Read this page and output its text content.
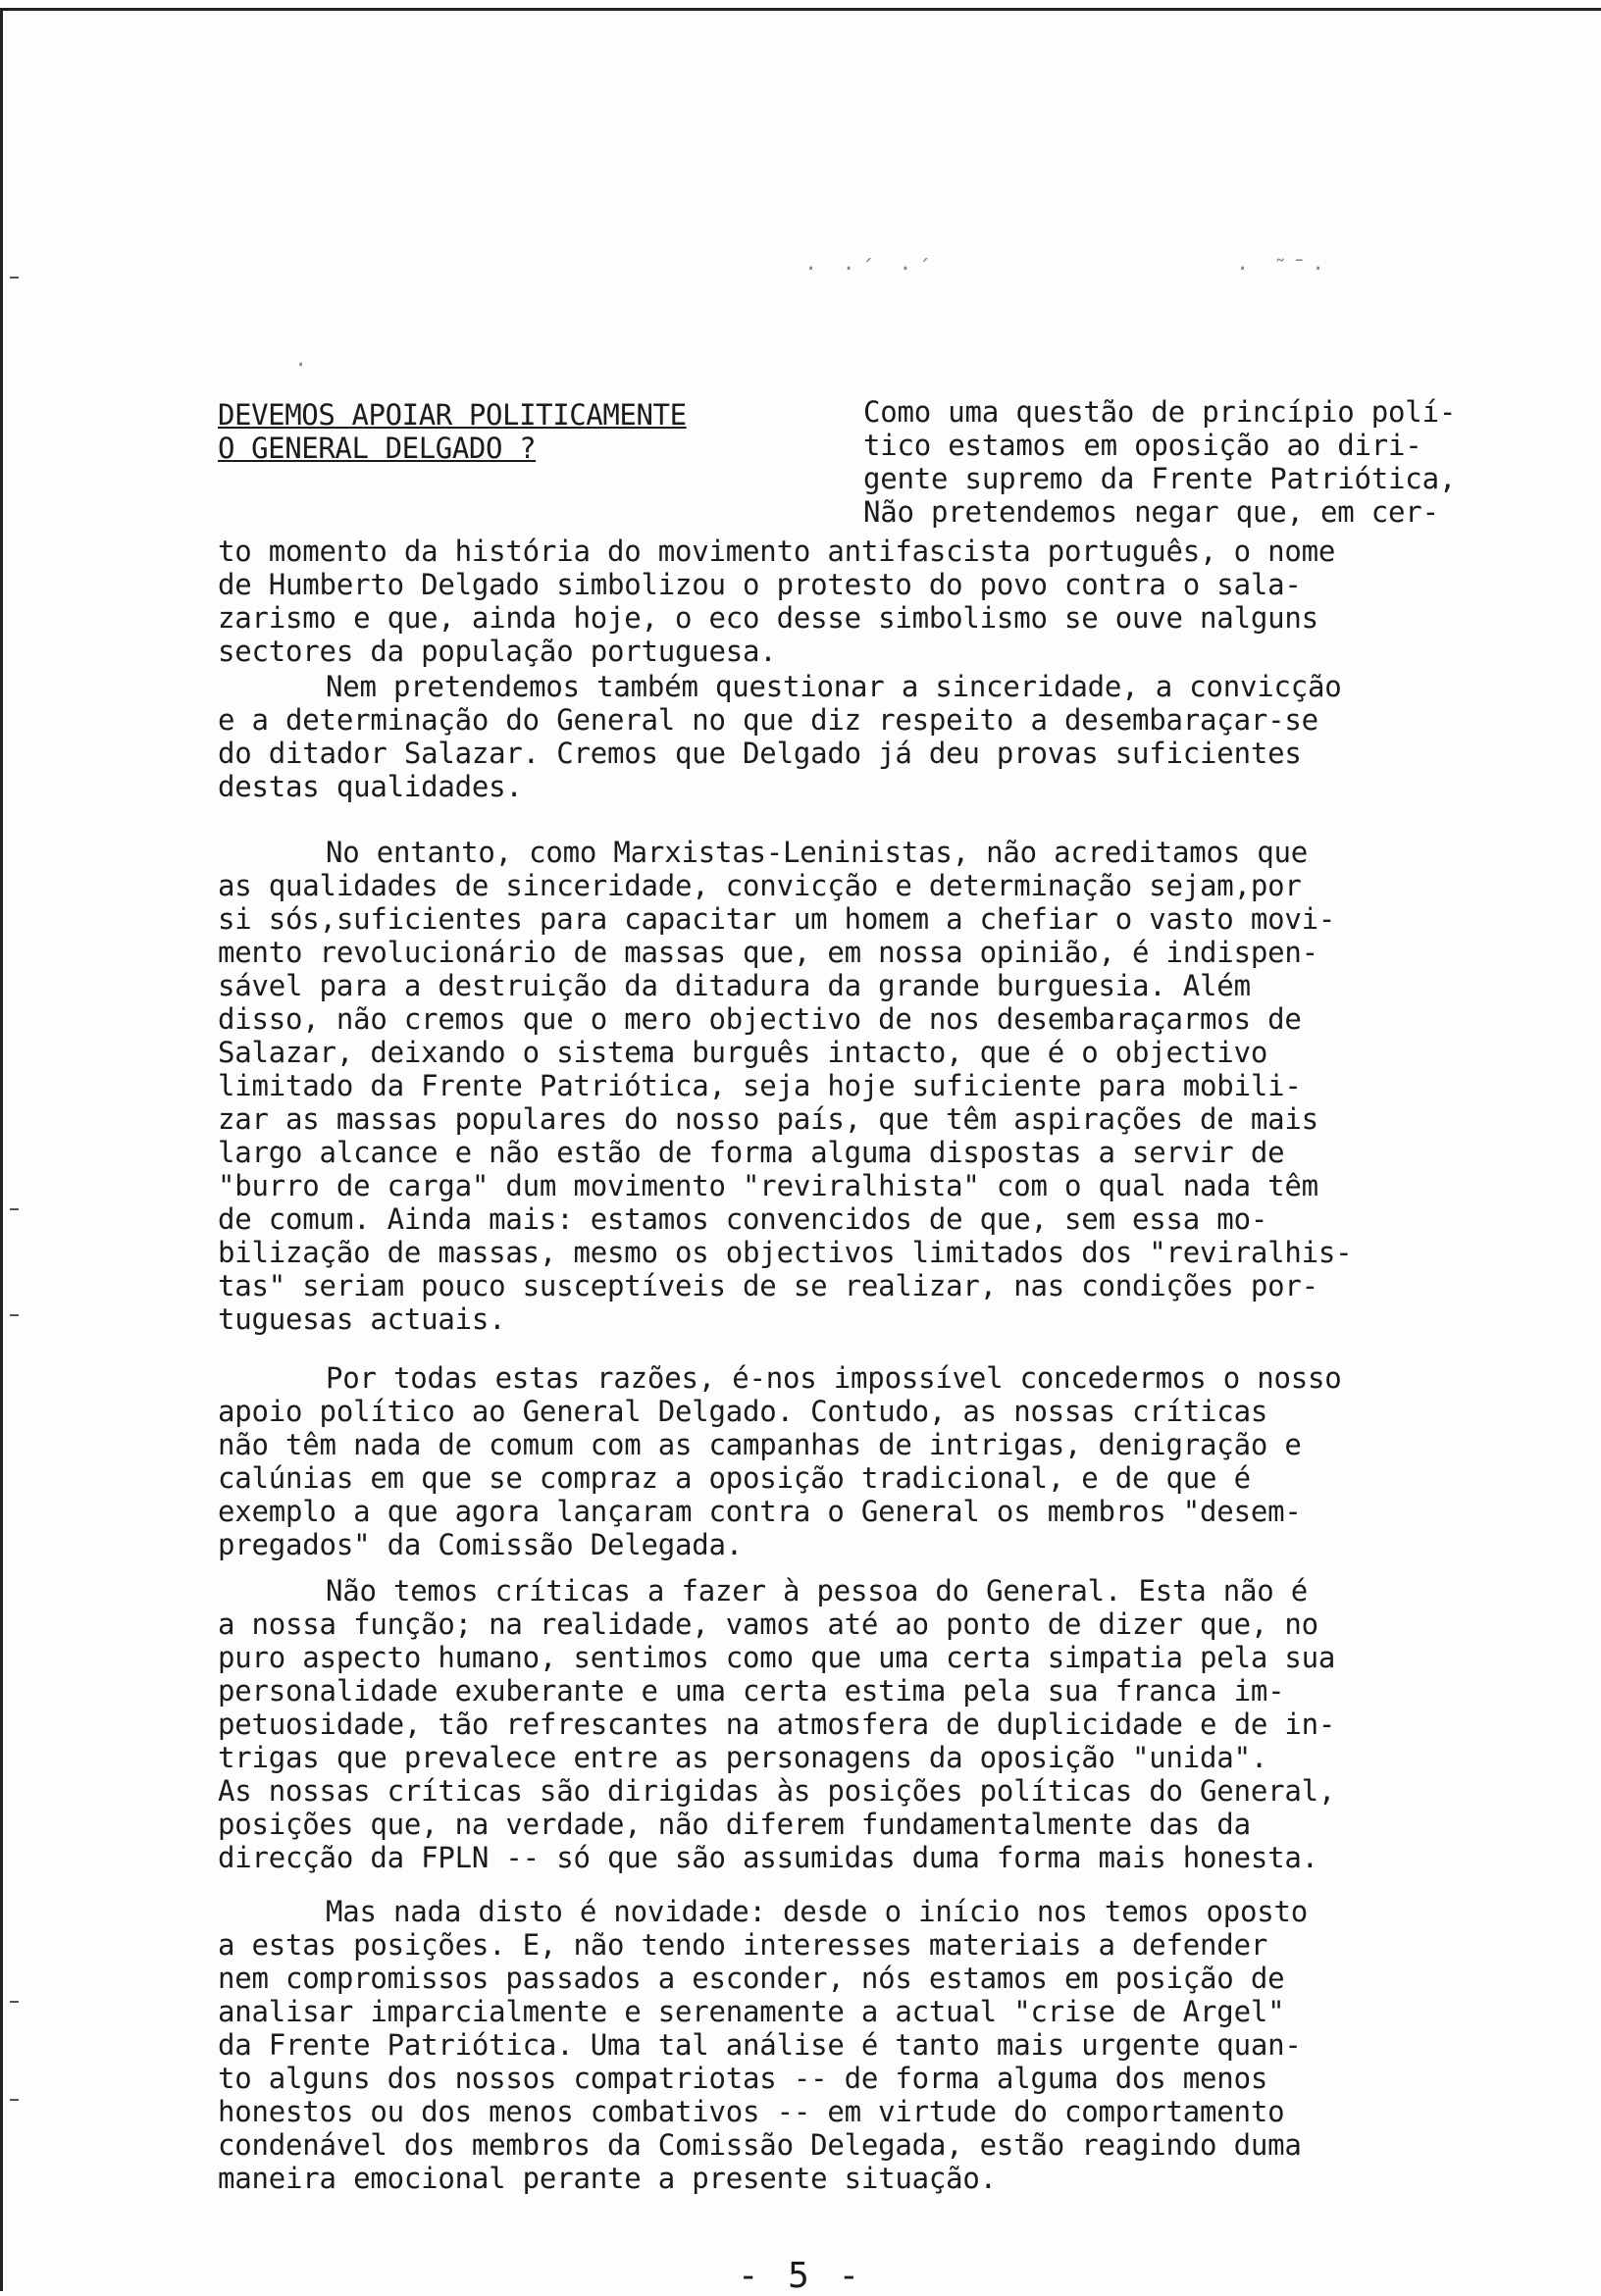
· ·´ ·´	· ˜ˉ·
·
DEVEMOS APOIAR POLITICAMENTE
O GENERAL DELGADO ?
Como uma questão de princípio polí-
tico estamos em oposição ao diri-
gente supremo da Frente Patriótica,
Não pretendemos negar que, em cer-
to momento da história do movimento antifascista português, o nome
de Humberto Delgado simbolizou o protesto do povo contra o sala-
zarismo e que, ainda hoje, o eco desse simbolismo se ouve nalguns
sectores da população portuguesa.
Nem pretendemos também questionar a sinceridade, a convicção
e a determinação do General no que diz respeito a desembaraçar-se
do ditador Salazar. Cremos que Delgado já deu provas suficientes
destas qualidades.
No entanto, como Marxistas-Leninistas, não acreditamos que
as qualidades de sinceridade, convicção e determinação sejam,por
si sós,suficientes para capacitar um homem a chefiar o vasto movi-
mento revolucionário de massas que, em nossa opinião, é indispen-
sável para a destruição da ditadura da grande burguesia. Além
disso, não cremos que o mero objectivo de nos desembaraçarmos de
Salazar, deixando o sistema burguês intacto, que é o objectivo
limitado da Frente Patriótica, seja hoje suficiente para mobili-
zar as massas populares do nosso país, que têm aspirações de mais
largo alcance e não estão de forma alguma dispostas a servir de
"burro de carga" dum movimento "reviralhista" com o qual nada têm
de comum. Ainda mais: estamos convencidos de que, sem essa mo-
bilização de massas, mesmo os objectivos limitados dos "reviralhis-
tas" seriam pouco susceptíveis de se realizar, nas condições por-
tuguesas actuais.
Por todas estas razões, é-nos impossível concedermos o nosso
apoio político ao General Delgado. Contudo, as nossas críticas
não têm nada de comum com as campanhas de intrigas, denigração e
calúnias em que se compraz a oposição tradicional, e de que é
exemplo a que agora lançaram contra o General os membros "desem-
pregados" da Comissão Delegada.
Não temos críticas a fazer à pessoa do General. Esta não é
a nossa função; na realidade, vamos até ao ponto de dizer que, no
puro aspecto humano, sentimos como que uma certa simpatia pela sua
personalidade exuberante e uma certa estima pela sua franca im-
petuosidade, tão refrescantes na atmosfera de duplicidade e de in-
trigas que prevalece entre as personagens da oposição "unida".
As nossas críticas são dirigidas às posições políticas do General,
posições que, na verdade, não diferem fundamentalmente das da
direcção da FPLN -- só que são assumidas duma forma mais honesta.
Mas nada disto é novidade: desde o início nos temos oposto
a estas posições. E, não tendo interesses materiais a defender
nem compromissos passados a esconder, nós estamos em posição de
analisar imparcialmente e serenamente a actual "crise de Argel"
da Frente Patriótica. Uma tal análise é tanto mais urgente quan-
to alguns dos nossos compatriotas -- de forma alguma dos menos
honestos ou dos menos combativos -- em virtude do comportamento
condenável dos membros da Comissão Delegada, estão reagindo duma
maneira emocional perante a presente situação.
- 5 -
